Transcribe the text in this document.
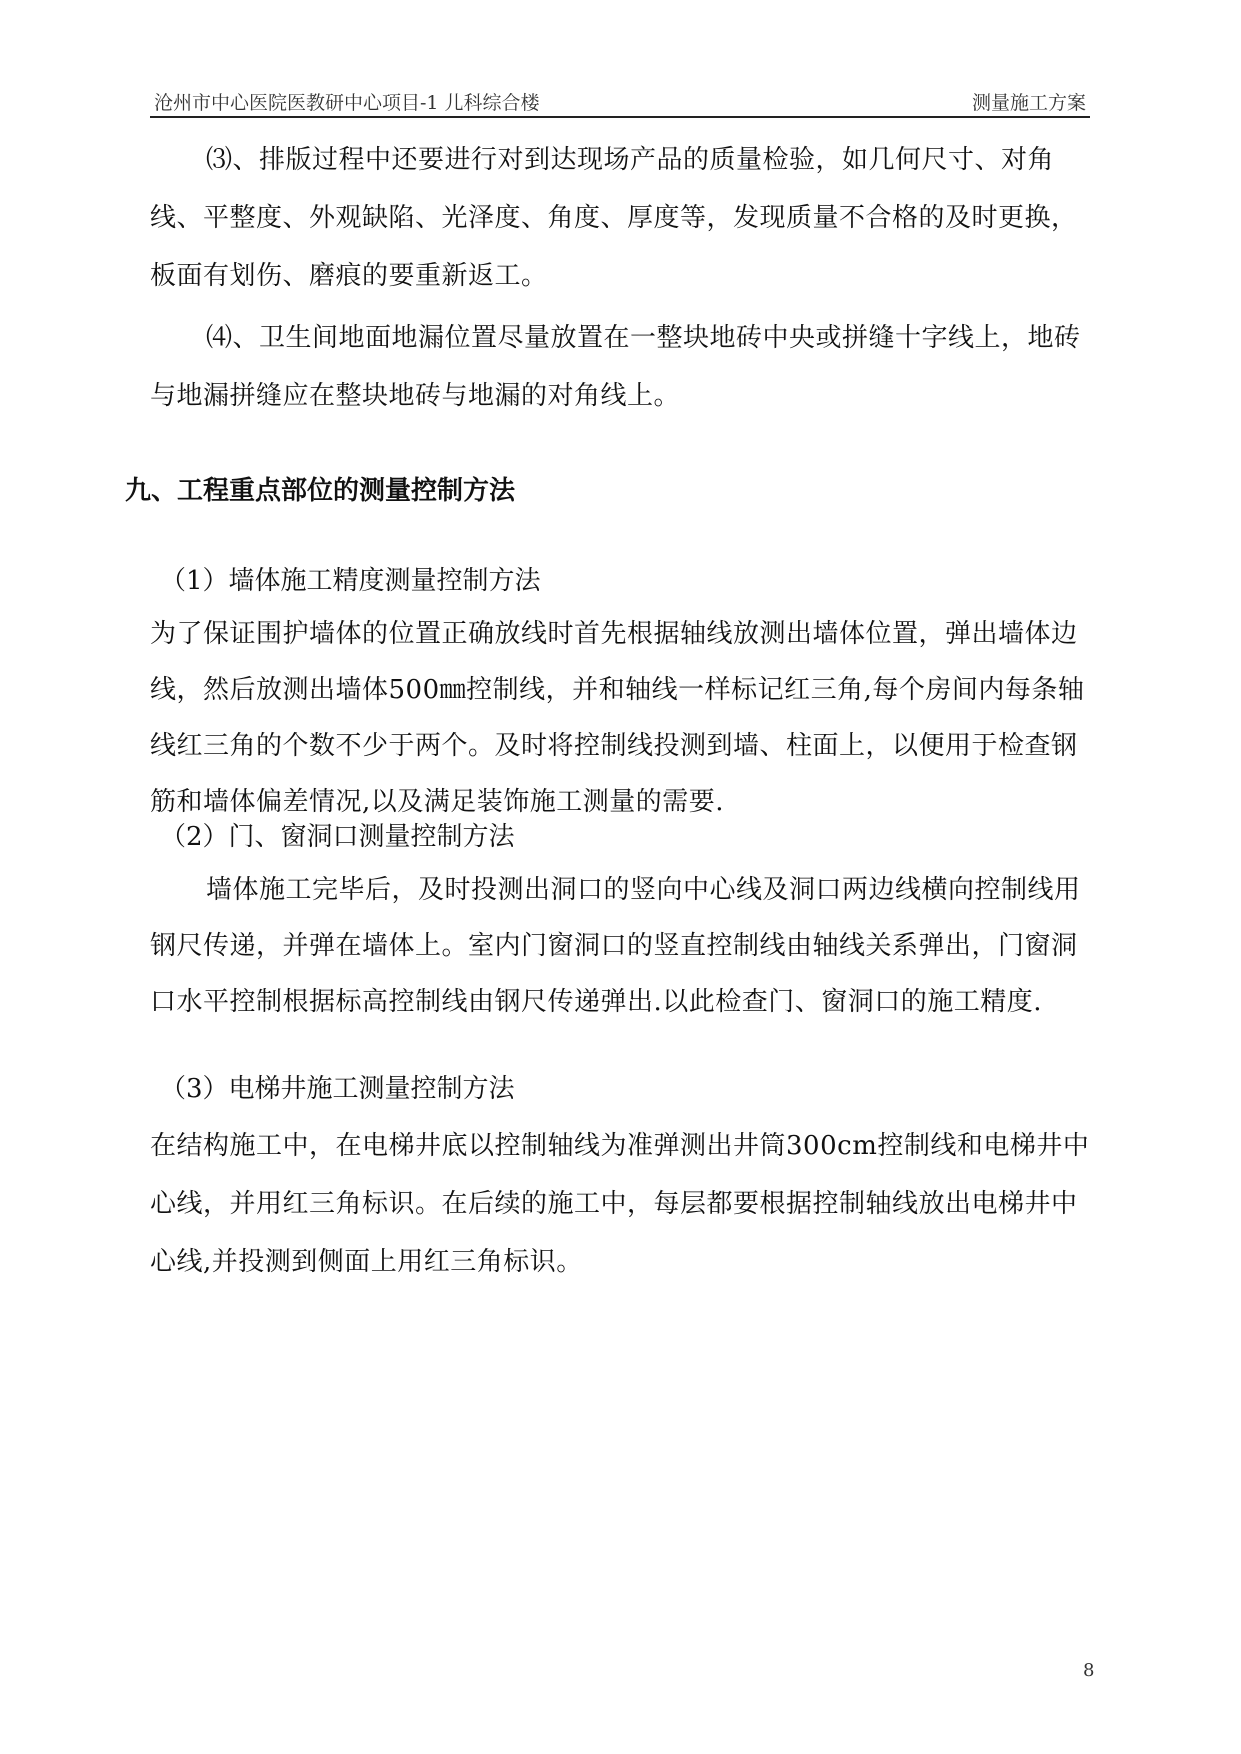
沧州市中心医院医教研中心项目-1 儿科综合楼	测量施工方案
⑶、排版过程中还要进行对到达现场产品的质量检验，如几何尺寸、对角线、平整度、外观缺陷、光泽度、角度、厚度等，发现质量不合格的及时更换，板面有划伤、磨痕的要重新返工。
⑷、卫生间地面地漏位置尽量放置在一整块地砖中央或拼缝十字线上，地砖与地漏拼缝应在整块地砖与地漏的对角线上。
九、工程重点部位的测量控制方法
（1）墙体施工精度测量控制方法
为了保证围护墙体的位置正确放线时首先根据轴线放测出墙体位置，弹出墙体边线，然后放测出墙体500㎜控制线，并和轴线一样标记红三角,每个房间内每条轴线红三角的个数不少于两个。及时将控制线投测到墙、柱面上，以便用于检查钢筋和墙体偏差情况,以及满足装饰施工测量的需要.
（2）门、窗洞口测量控制方法
墙体施工完毕后，及时投测出洞口的竖向中心线及洞口两边线横向控制线用钢尺传递，并弹在墙体上。室内门窗洞口的竖直控制线由轴线关系弹出，门窗洞口水平控制根据标高控制线由钢尺传递弹出.以此检查门、窗洞口的施工精度.
（3）电梯井施工测量控制方法
在结构施工中，在电梯井底以控制轴线为准弹测出井筒300cm控制线和电梯井中心线，并用红三角标识。在后续的施工中，每层都要根据控制轴线放出电梯井中心线,并投测到侧面上用红三角标识。
8
